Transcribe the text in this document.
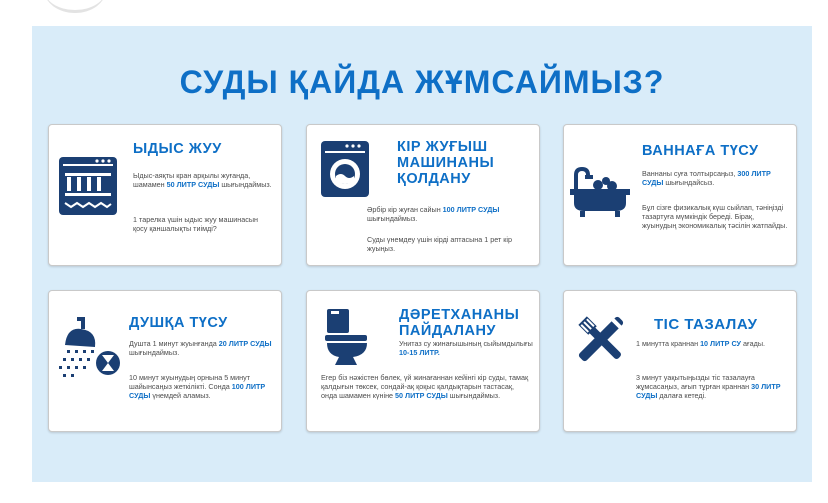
СУДЫ ҚАЙДА ЖҰМСАЙМЫЗ?
ЫДЫС ЖУУ
Ыдыс-аяқты кран арқылы жуғанда, шамамен 50 ЛИТР СУДЫ шығындаймыз.
1 тарелка үшін ыдыс жуу машинасын қосу қаншалықты тиімді?
КІР ЖУҒЫШ МАШИНАНЫ ҚОЛДАНУ
Әрбір кір жуған сайын 100 ЛИТР СУДЫ шығындаймыз.
Суды үнемдеу үшін кірді аптасына 1 рет кір жуыңыз.
ВАННАҒА ТҮСУ
Ваннаны суға толтырсаңыз, 300 ЛИТР СУДЫ шығындайсыз.
Бұл сізге физикалық күш сыйлап, тәніңізді тазартуға мүмкіндік береді. Бірақ, жуынудың экономикалық тәсілін жатпайды.
ДУШҚА ТҮСУ
Душта 1 минут жуынғанда 20 ЛИТР СУДЫ шығындаймыз.
10 минут жуынудың орнына 5 минут шайынсаңыз жеткілікті. Сонда 100 ЛИТР СУДЫ үнемдей аламыз.
ДӘРЕТХАНАНЫ ПАЙДАЛАНУ
Унитаз су жинағышының сыйымдылығы 10-15 ЛИТР.
Егер біз нәжістен бөлек, үй жинағаннан кейінгі кір суды, тамақ қалдығын төксек, сондай-ақ қоқыс қалдықтарын тастасақ, онда шамамен күніне 50 ЛИТР СУДЫ шығындаймыз.
ТІС ТАЗАЛАУ
1 минутта краннан 10 ЛИТР СУ ағады.
3 минут уақытыңызды тіс тазалауға жұмсасаңыз, ағып тұрған краннан 30 ЛИТР СУДЫ далаға кетеді.
